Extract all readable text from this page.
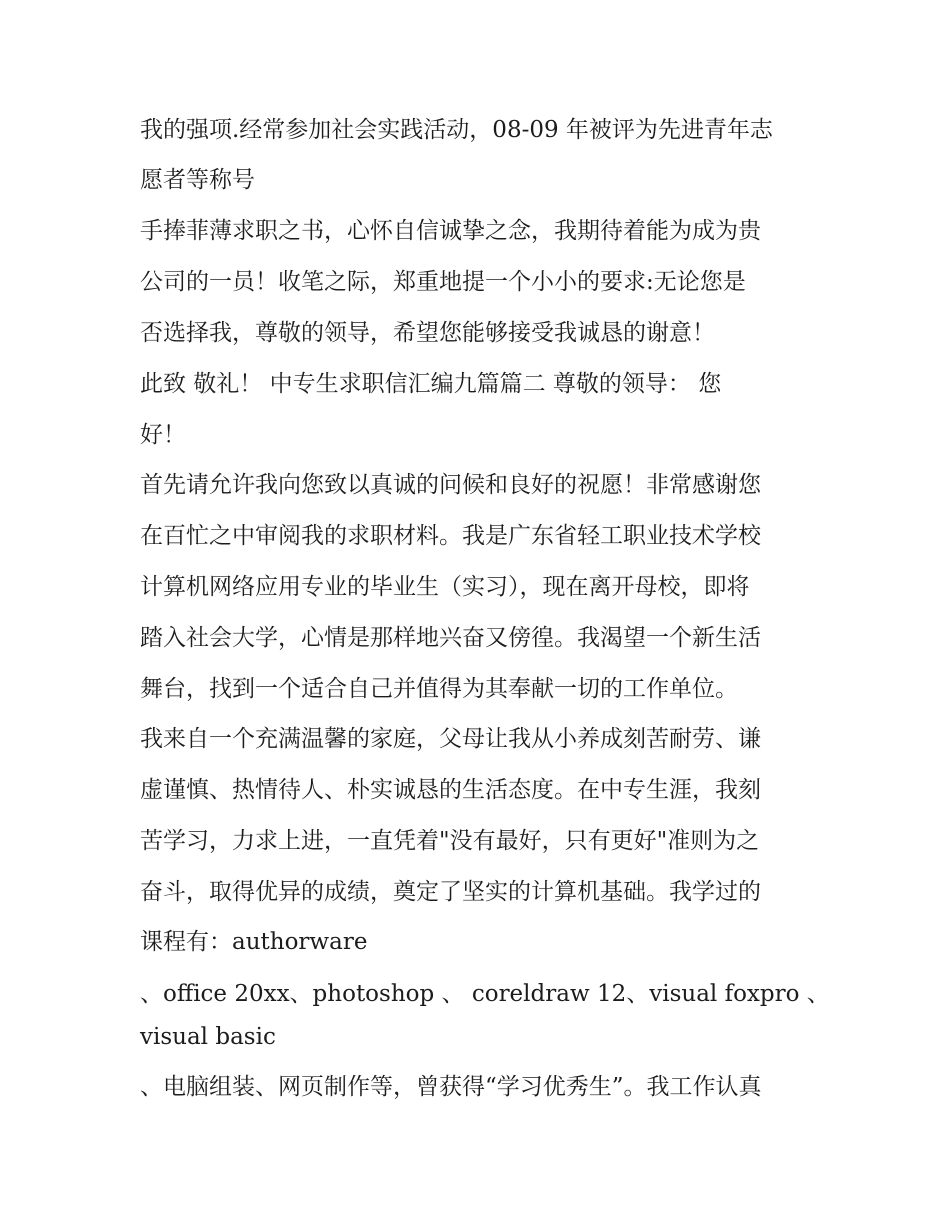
我的强项.经常参加社会实践活动，08-09 年被评为先进青年志
愿者等称号
手捧菲薄求职之书，心怀自信诚挚之念，我期待着能为成为贵
公司的一员！收笔之际，郑重地提一个小小的要求:无论您是
否选择我，尊敬的领导，希望您能够接受我诚恳的谢意！
此致 敬礼！ 中专生求职信汇编九篇篇二 尊敬的领导： 您
好！
首先请允许我向您致以真诚的问候和良好的祝愿！非常感谢您
在百忙之中审阅我的求职材料。我是广东省轻工职业技术学校
计算机网络应用专业的毕业生（实习），现在离开母校，即将
踏入社会大学，心情是那样地兴奋又傍徨。我渴望一个新生活
舞台，找到一个适合自己并值得为其奉献一切的工作单位。
我来自一个充满温馨的家庭，父母让我从小养成刻苦耐劳、谦
虚谨慎、热情待人、朴实诚恳的生活态度。在中专生涯，我刻
苦学习，力求上进，一直凭着"没有最好，只有更好"准则为之
奋斗，取得优异的成绩，奠定了坚实的计算机基础。我学过的
课程有：authorware
、office 20xx、photoshop 、 coreldraw 12、visual foxpro 、
visual basic
、电脑组装、网页制作等，曾获得“学习优秀生”。我工作认真
